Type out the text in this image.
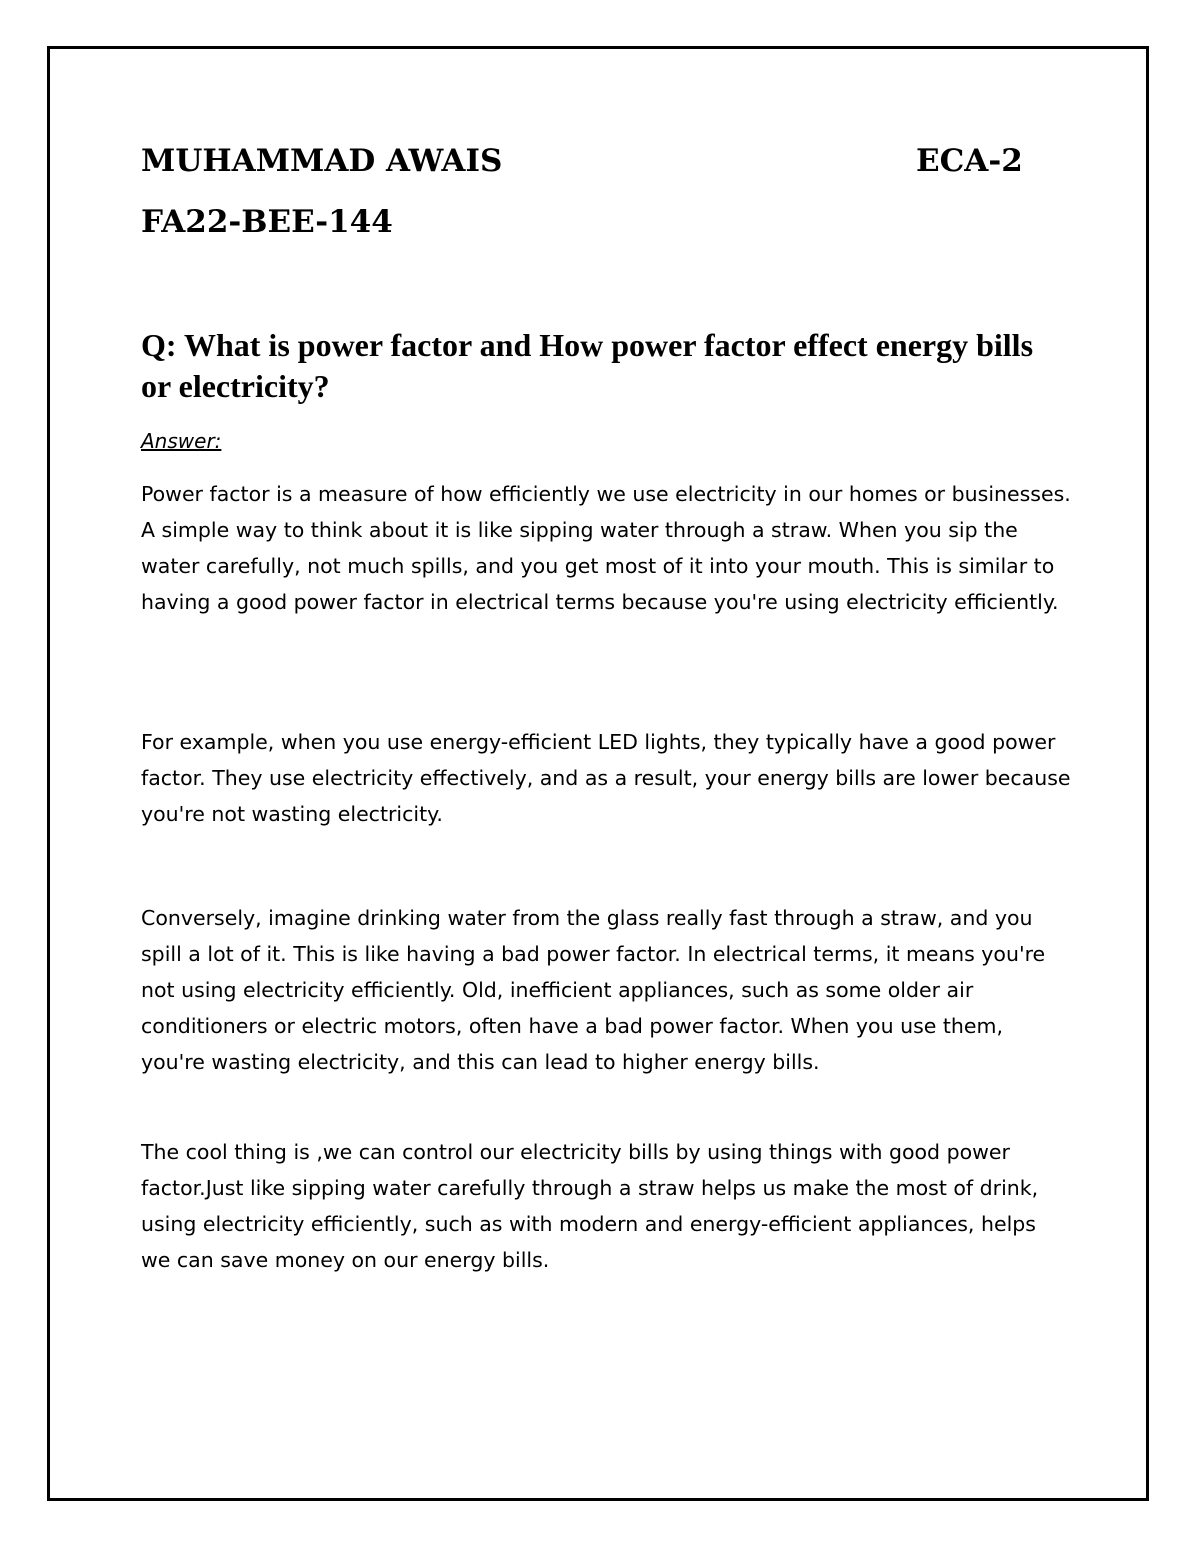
MUHAMMAD AWAIS	ECA-2
FA22-BEE-144
Q: What is power factor and How power factor effect energy bills or electricity?
Answer:
Power factor is a measure of how efficiently we use electricity in our homes or businesses. A simple way to think about it is like sipping water through a straw. When you sip the water carefully, not much spills, and you get most of it into your mouth. This is similar to having a good power factor in electrical terms because you're using electricity efficiently.
For example, when you use energy-efficient LED lights, they typically have a good power factor. They use electricity effectively, and as a result, your energy bills are lower because you're not wasting electricity.
Conversely, imagine drinking water from the glass really fast through a straw, and you spill a lot of it. This is like having a bad power factor. In electrical terms, it means you're not using electricity efficiently. Old, inefficient appliances, such as some older air conditioners or electric motors, often have a bad power factor. When you use them, you're wasting electricity, and this can lead to higher energy bills.
The cool thing is ,we can control our electricity bills by using things with good power factor.Just like sipping water carefully through a straw helps us make the most of drink, using electricity efficiently, such as with modern and energy-efficient appliances, helps we can save money on our energy bills.
